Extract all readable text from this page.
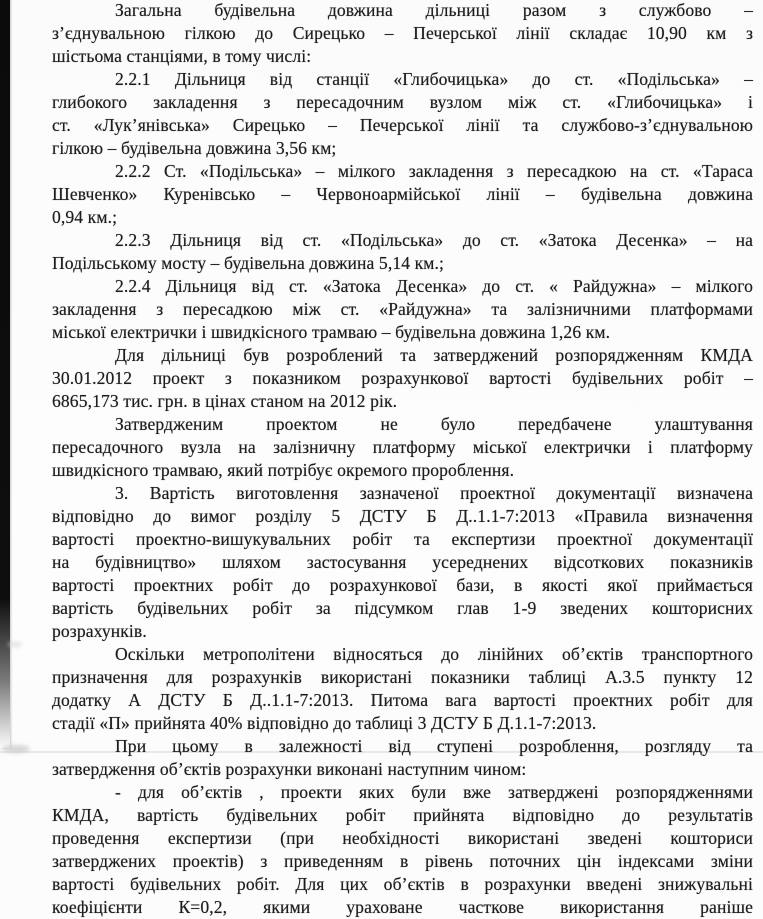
Загальна будівельна довжина дільниці разом з службово –
з’єднувальною гілкою до Сирецько – Печерської лінії складає 10,90 км з
шістьома станціями, в тому числі:
2.2.1 Дільниця від станції «Глибочицька» до ст. «Подільська» –
глибокого закладення з пересадочним вузлом між ст. «Глибочицька» і
ст. «Лук’янівська» Сирецько – Печерської лінії та службово-з’єднувальною
гілкою – будівельна довжина 3,56 км;
2.2.2 Ст. «Подільська» – мілкого закладення з пересадкою на ст. «Тараса
Шевченко» Куренівсько – Червоноармійської лінії – будівельна довжина
0,94 км.;
2.2.3 Дільниця від ст. «Подільська» до ст. «Затока Десенка» – на
Подільському мосту – будівельна довжина 5,14 км.;
2.2.4 Дільниця від ст. «Затока Десенка» до ст. « Райдужна» – мілкого
закладення з пересадкою між ст. «Райдужна» та залізничними платформами
міської електрички і швидкісного трамваю – будівельна довжина 1,26 км.
Для дільниці був розроблений та затверджений розпорядженням КМДА
30.01.2012 проект з показником розрахункової вартості будівельних робіт –
6865,173 тис. грн. в цінах станом на 2012 рік.
Затвердженим проектом не було передбачене улаштування
пересадочного вузла на залізничну платформу міської електрички і платформу
швидкісного трамваю, який потрібує окремого пророблення.
3. Вартість виготовлення зазначеної проектної документації визначена
відповідно до вимог розділу 5 ДСТУ Б Д..1.1-7:2013 «Правила визначення
вартості проектно-вишукувальних робіт та експертизи проектної документації
на будівництво» шляхом застосування усереднених відсоткових показників
вартості проектних робіт до розрахункової бази, в якості якої приймається
вартість будівельних робіт за підсумком глав 1-9 зведених кошторисних
розрахунків.
Оскільки метрополітени відносяться до лінійних об’єктів транспортного
призначення для розрахунків використані показники таблиці А.3.5 пункту 12
додатку А ДСТУ Б Д..1.1-7:2013. Питома вага вартості проектних робіт для
стадії «П» прийнята 40% відповідно до таблиці 3 ДСТУ Б Д.1.1-7:2013.
При цьому в залежності від ступені розроблення, розгляду та
затвердження об’єктів розрахунки виконані наступним чином:
- для об’єктів , проекти яких були вже затверджені розпорядженнями
КМДА, вартість будівельних робіт прийнята відповідно до результатів
проведення експертизи (при необхідності використані зведені кошториси
затверджених проектів) з приведенням в рівень поточних цін індексами зміни
вартості будівельних робіт. Для цих об’єктів в розрахунки введені знижувальні
коефіцієнти К=0,2, якими ураховане часткове використання раніше
